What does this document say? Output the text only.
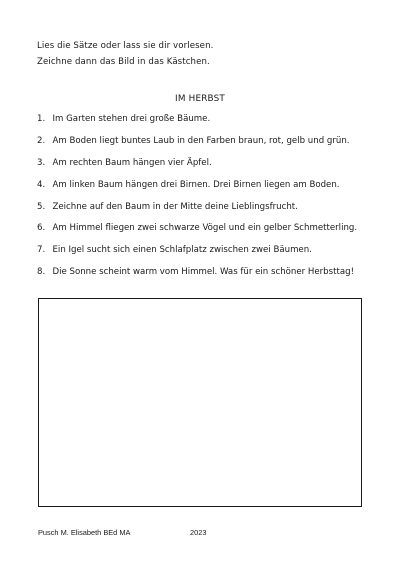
Lies die Sätze oder lass sie dir vorlesen.
Zeichne dann das Bild in das Kästchen.
IM HERBST
1. Im Garten stehen drei große Bäume.
2. Am Boden liegt buntes Laub in den Farben braun, rot, gelb und grün.
3. Am rechten Baum hängen vier Äpfel.
4. Am linken Baum hängen drei Birnen. Drei Birnen liegen am Boden.
5. Zeichne auf den Baum in der Mitte deine Lieblingsfrucht.
6. Am Himmel fliegen zwei schwarze Vögel und ein gelber Schmetterling.
7. Ein Igel sucht sich einen Schlafplatz zwischen zwei Bäumen.
8. Die Sonne scheint warm vom Himmel. Was für ein schöner Herbsttag!
Pusch M. Elisabeth BEd MA	2023
